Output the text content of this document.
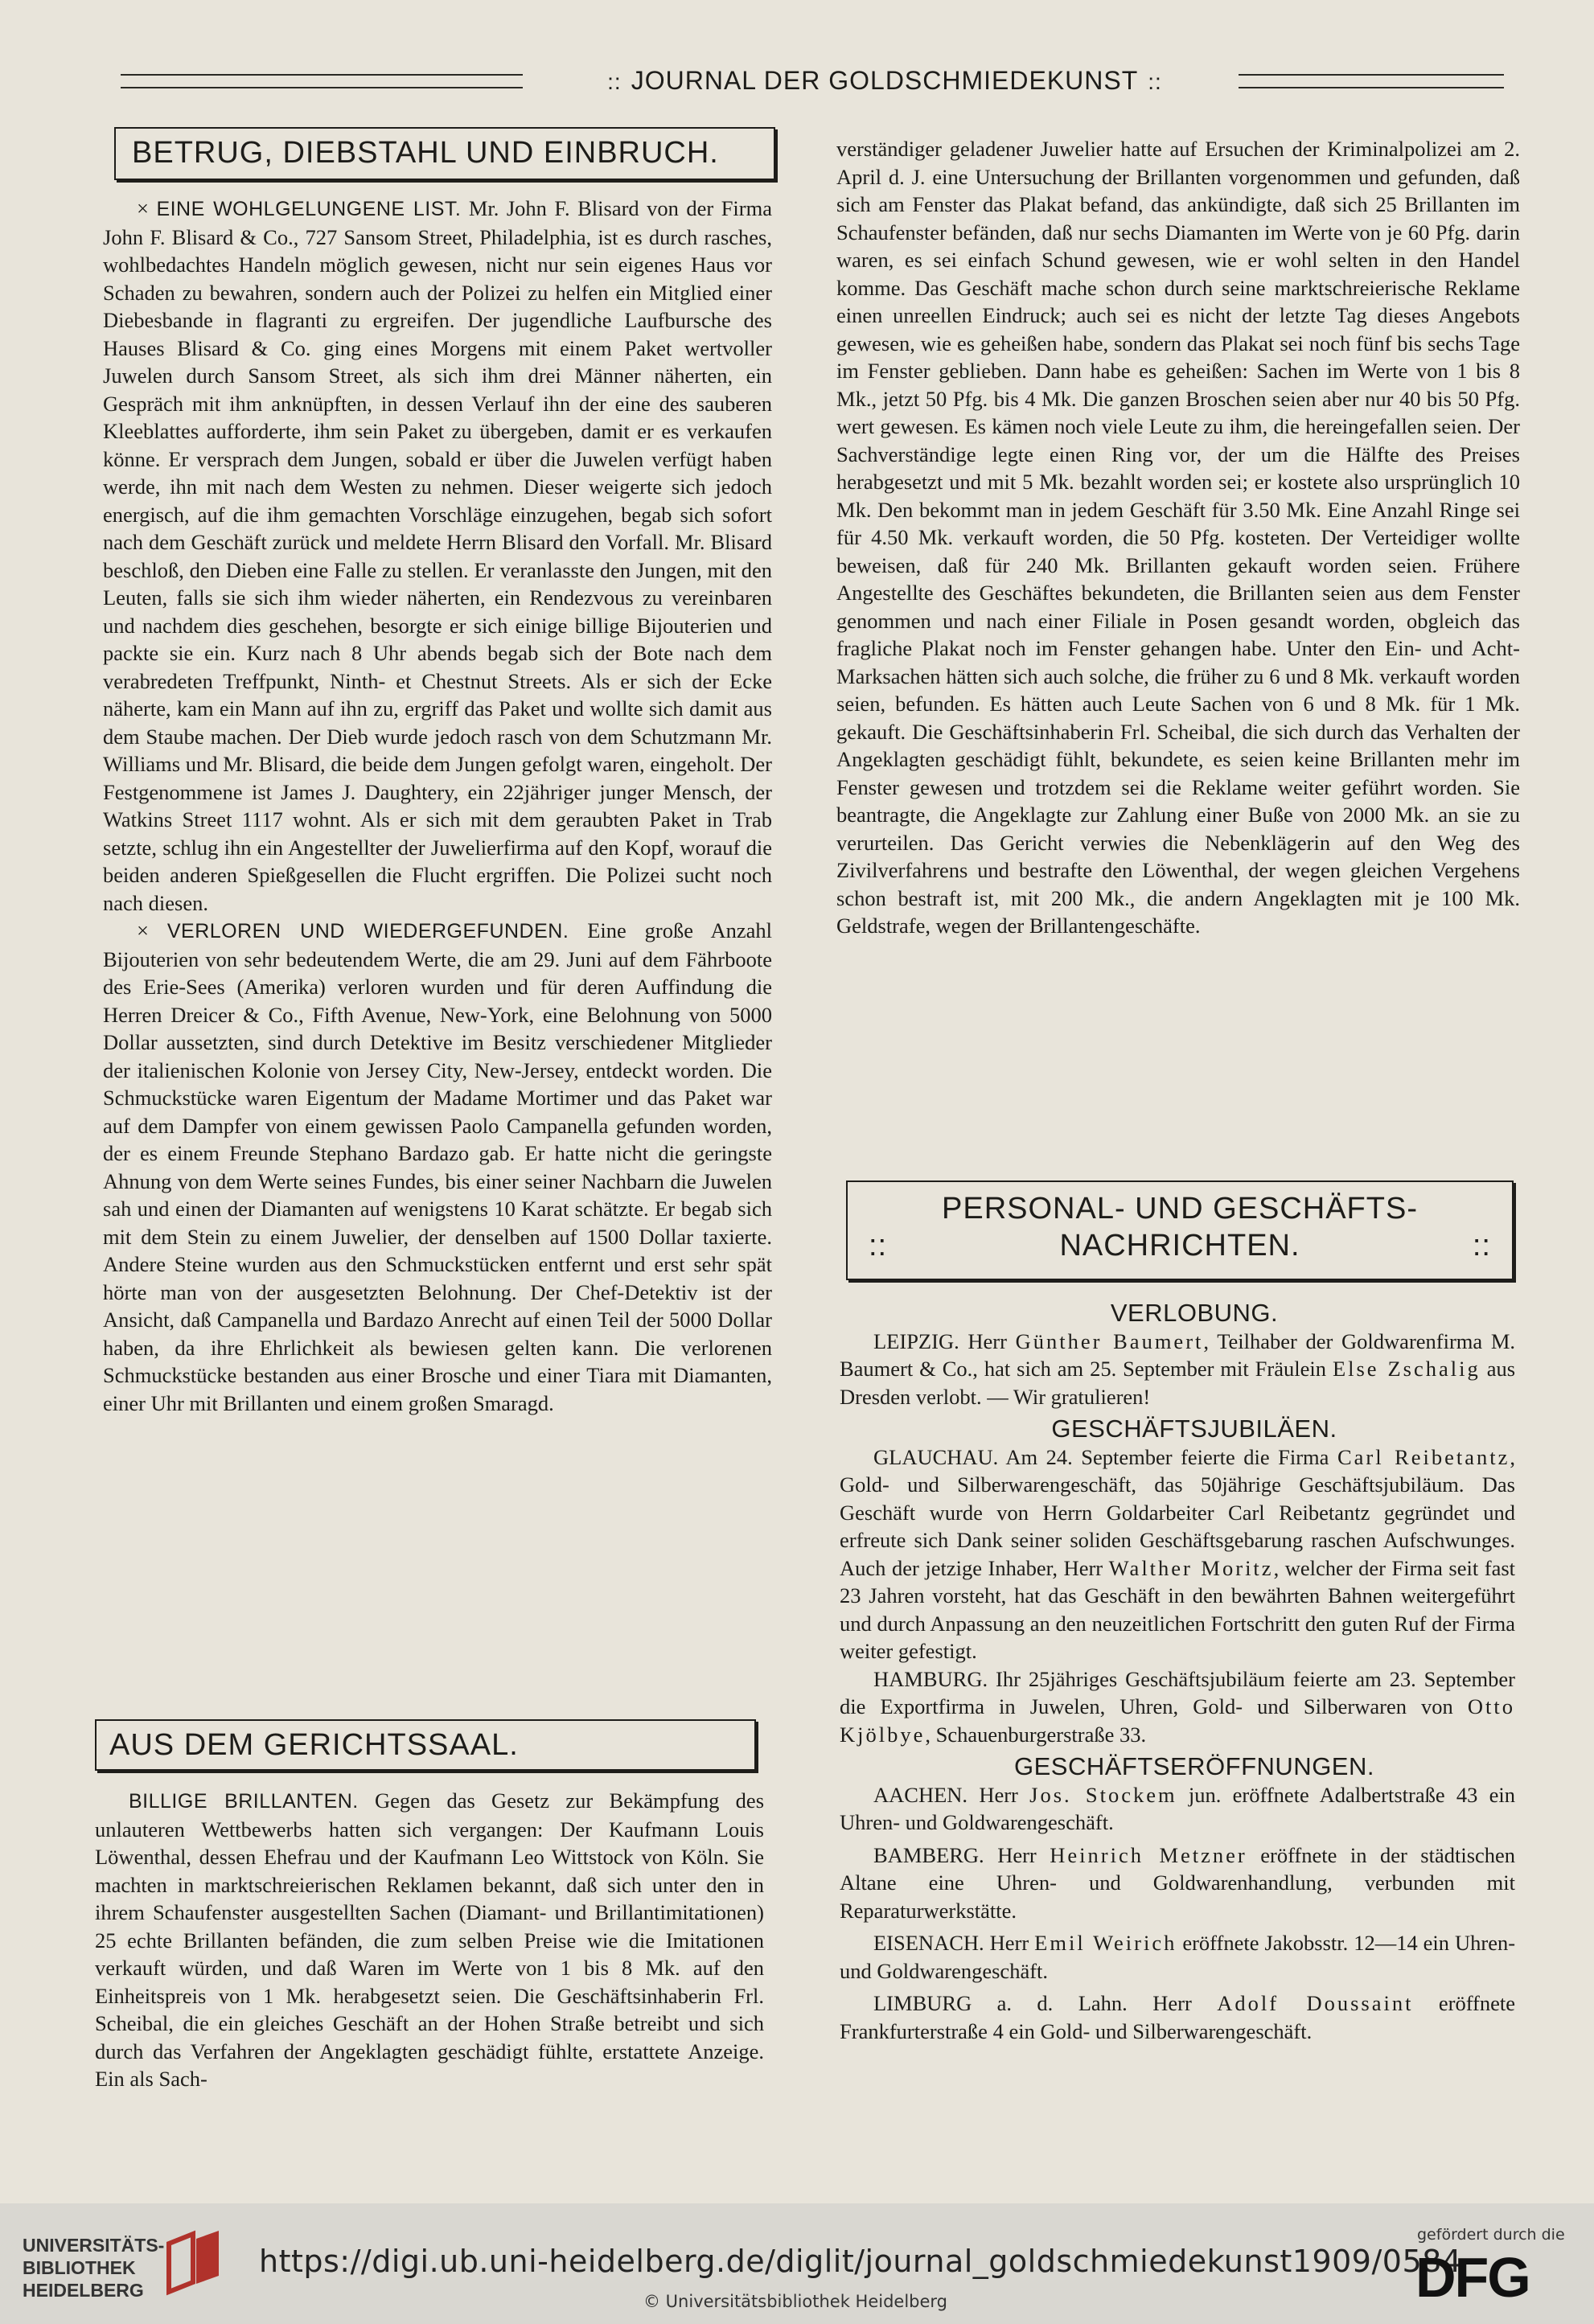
:: JOURNAL DER GOLDSCHMIEDEKUNST ::
BETRUG, DIEBSTAHL UND EINBRUCH.

× EINE WOHLGELUNGENE LIST. Mr. John F. Blisard von der Firma John F. Blisard & Co., 727 Sansom Street, Philadelphia, ist es durch rasches, wohlbedachtes Handeln möglich gewesen, nicht nur sein eigenes Haus vor Schaden zu bewahren, sondern auch der Polizei zu helfen ein Mitglied einer Diebesbande in flagranti zu ergreifen. Der jugendliche Laufbursche des Hauses Blisard & Co. ging eines Morgens mit einem Paket wertvoller Juwelen durch Sansom Street, als sich ihm drei Männer näherten, ein Gespräch mit ihm anknüpften, in dessen Verlauf ihn der eine des sauberen Kleeblattes aufforderte, ihm sein Paket zu übergeben, damit er es verkaufen könne. Er versprach dem Jungen, sobald er über die Juwelen verfügt haben werde, ihn mit nach dem Westen zu nehmen. Dieser weigerte sich jedoch energisch, auf die ihm gemachten Vorschläge einzugehen, begab sich sofort nach dem Geschäft zurück und meldete Herrn Blisard den Vorfall. Mr. Blisard beschloß, den Dieben eine Falle zu stellen. Er veranlasste den Jungen, mit den Leuten, falls sie sich ihm wieder näherten, ein Rendezvous zu vereinbaren und nachdem dies geschehen, besorgte er sich einige billige Bijouterien und packte sie ein. Kurz nach 8 Uhr abends begab sich der Bote nach dem verabredeten Treffpunkt, Ninth- et Chestnut Streets. Als er sich der Ecke näherte, kam ein Mann auf ihn zu, ergriff das Paket und wollte sich damit aus dem Staube machen. Der Dieb wurde jedoch rasch von dem Schutzmann Mr. Williams und Mr. Blisard, die beide dem Jungen gefolgt waren, eingeholt. Der Festgenommene ist James J. Daughtery, ein 22jähriger junger Mensch, der Watkins Street 1117 wohnt. Als er sich mit dem geraubten Paket in Trab setzte, schlug ihn ein Angestellter der Juwelierfirma auf den Kopf, worauf die beiden anderen Spießgesellen die Flucht ergriffen. Die Polizei sucht noch nach diesen.

× VERLOREN UND WIEDERGEFUNDEN. Eine große Anzahl Bijouterien von sehr bedeutendem Werte, die am 29. Juni auf dem Fährboote des Erie-Sees (Amerika) verloren wurden und für deren Auffindung die Herren Dreicer & Co., Fifth Avenue, New-York, eine Belohnung von 5000 Dollar aussetzten, sind durch Detektive im Besitz verschiedener Mitglieder der italienischen Kolonie von Jersey City, New-Jersey, entdeckt worden. Die Schmuckstücke waren Eigentum der Madame Mortimer und das Paket war auf dem Dampfer von einem gewissen Paolo Campanella gefunden worden, der es einem Freunde Stephano Bardazo gab. Er hatte nicht die geringste Ahnung von dem Werte seines Fundes, bis einer seiner Nachbarn die Juwelen sah und einen der Diamanten auf wenigstens 10 Karat schätzte. Er begab sich mit dem Stein zu einem Juwelier, der denselben auf 1500 Dollar taxierte. Andere Steine wurden aus den Schmuckstücken entfernt und erst sehr spät hörte man von der ausgesetzten Belohnung. Der Chef-Detektiv ist der Ansicht, daß Campanella und Bardazo Anrecht auf einen Teil der 5000 Dollar haben, da ihre Ehrlichkeit als bewiesen gelten kann. Die verlorenen Schmuckstücke bestanden aus einer Brosche und einer Tiara mit Diamanten, einer Uhr mit Brillanten und einem großen Smaragd.

AUS DEM GERICHTSSAAL.

BILLIGE BRILLANTEN. Gegen das Gesetz zur Bekämpfung des unlauteren Wettbewerbs hatten sich vergangen: Der Kaufmann Louis Löwenthal, dessen Ehefrau und der Kaufmann Leo Wittstock von Köln. Sie machten in marktschreierischen Reklamen bekannt, daß sich unter den in ihrem Schaufenster ausgestellten Sachen (Diamant- und Brillantimitationen) 25 echte Brillanten befänden, die zum selben Preise wie die Imitationen verkauft würden, und daß Waren im Werte von 1 bis 8 Mk. auf den Einheitspreis von 1 Mk. herabgesetzt seien. Die Geschäftsinhaberin Frl. Scheibal, die ein gleiches Geschäft an der Hohen Straße betreibt und sich durch das Verfahren der Angeklagten geschädigt fühlte, erstattete Anzeige. Ein als Sach-

verständiger geladener Juwelier hatte auf Ersuchen der Kriminalpolizei am 2. April d. J. eine Untersuchung der Brillanten vorgenommen und gefunden, daß sich am Fenster das Plakat befand, das ankündigte, daß sich 25 Brillanten im Schaufenster befänden, daß nur sechs Diamanten im Werte von je 60 Pfg. darin waren, es sei einfach Schund gewesen, wie er wohl selten in den Handel komme. Das Geschäft mache schon durch seine marktschreierische Reklame einen unreellen Eindruck; auch sei es nicht der letzte Tag dieses Angebots gewesen, wie es geheißen habe, sondern das Plakat sei noch fünf bis sechs Tage im Fenster geblieben. Dann habe es geheißen: Sachen im Werte von 1 bis 8 Mk., jetzt 50 Pfg. bis 4 Mk. Die ganzen Broschen seien aber nur 40 bis 50 Pfg. wert gewesen. Es kämen noch viele Leute zu ihm, die hereingefallen seien. Der Sachverständige legte einen Ring vor, der um die Hälfte des Preises herabgesetzt und mit 5 Mk. bezahlt worden sei; er kostete also ursprünglich 10 Mk. Den bekommt man in jedem Geschäft für 3.50 Mk. Eine Anzahl Ringe sei für 4.50 Mk. verkauft worden, die 50 Pfg. kosteten. Der Verteidiger wollte beweisen, daß für 240 Mk. Brillanten gekauft worden seien. Frühere Angestellte des Geschäftes bekundeten, die Brillanten seien aus dem Fenster genommen und nach einer Filiale in Posen gesandt worden, obgleich das fragliche Plakat noch im Fenster gehangen habe. Unter den Ein- und Acht-Marksachen hätten sich auch solche, die früher zu 6 und 8 Mk. verkauft worden seien, befunden. Es hätten auch Leute Sachen von 6 und 8 Mk. für 1 Mk. gekauft. Die Geschäftsinhaberin Frl. Scheibal, die sich durch das Verhalten der Angeklagten geschädigt fühlt, bekundete, es seien keine Brillanten mehr im Fenster gewesen und trotzdem sei die Reklame weiter geführt worden. Sie beantragte, die Angeklagte zur Zahlung einer Buße von 2000 Mk. an sie zu verurteilen. Das Gericht verwies die Nebenklägerin auf den Weg des Zivilverfahrens und bestrafte den Löwenthal, der wegen gleichen Vergehens schon bestraft ist, mit 200 Mk., die andern Angeklagten mit je 100 Mk. Geldstrafe, wegen der Brillantengeschäfte.

PERSONAL- UND GESCHÄFTS-
::	NACHRICHTEN.	::

VERLOBUNG.

LEIPZIG. Herr Günther Baumert, Teilhaber der Goldwarenfirma M. Baumert & Co., hat sich am 25. September mit Fräulein Else Zschalig aus Dresden verlobt. — Wir gratulieren!

GESCHÄFTSJUBILÄEN.

GLAUCHAU. Am 24. September feierte die Firma Carl Reibetantz, Gold- und Silberwarengeschäft, das 50jährige Geschäftsjubiläum. Das Geschäft wurde von Herrn Goldarbeiter Carl Reibetantz gegründet und erfreute sich Dank seiner soliden Geschäftsgebarung raschen Aufschwunges. Auch der jetzige Inhaber, Herr Walther Moritz, welcher der Firma seit fast 23 Jahren vorsteht, hat das Geschäft in den bewährten Bahnen weitergeführt und durch Anpassung an den neuzeitlichen Fortschritt den guten Ruf der Firma weiter gefestigt.

HAMBURG. Ihr 25jähriges Geschäftsjubiläum feierte am 23. September die Exportfirma in Juwelen, Uhren, Gold- und Silberwaren von Otto Kjölbye, Schauenburgerstraße 33.

GESCHÄFTSERÖFFNUNGEN.

AACHEN. Herr Jos. Stockem jun. eröffnete Adalbertstraße 43 ein Uhren- und Goldwarengeschäft.

BAMBERG. Herr Heinrich Metzner eröffnete in der städtischen Altane eine Uhren- und Goldwarenhandlung, verbunden mit Reparaturwerkstätte.

EISENACH. Herr Emil Weirich eröffnete Jakobsstr. 12—14 ein Uhren- und Goldwarengeschäft.

LIMBURG a. d. Lahn. Herr Adolf Doussaint eröffnete Frankfurterstraße 4 ein Gold- und Silberwarengeschäft.

UNIVERSITÄTS-
BIBLIOTHEK
HEIDELBERG
https://digi.ub.uni-heidelberg.de/diglit/journal_goldschmiedekunst1909/0584
© Universitätsbibliothek Heidelberg
gefördert durch die
DFG
